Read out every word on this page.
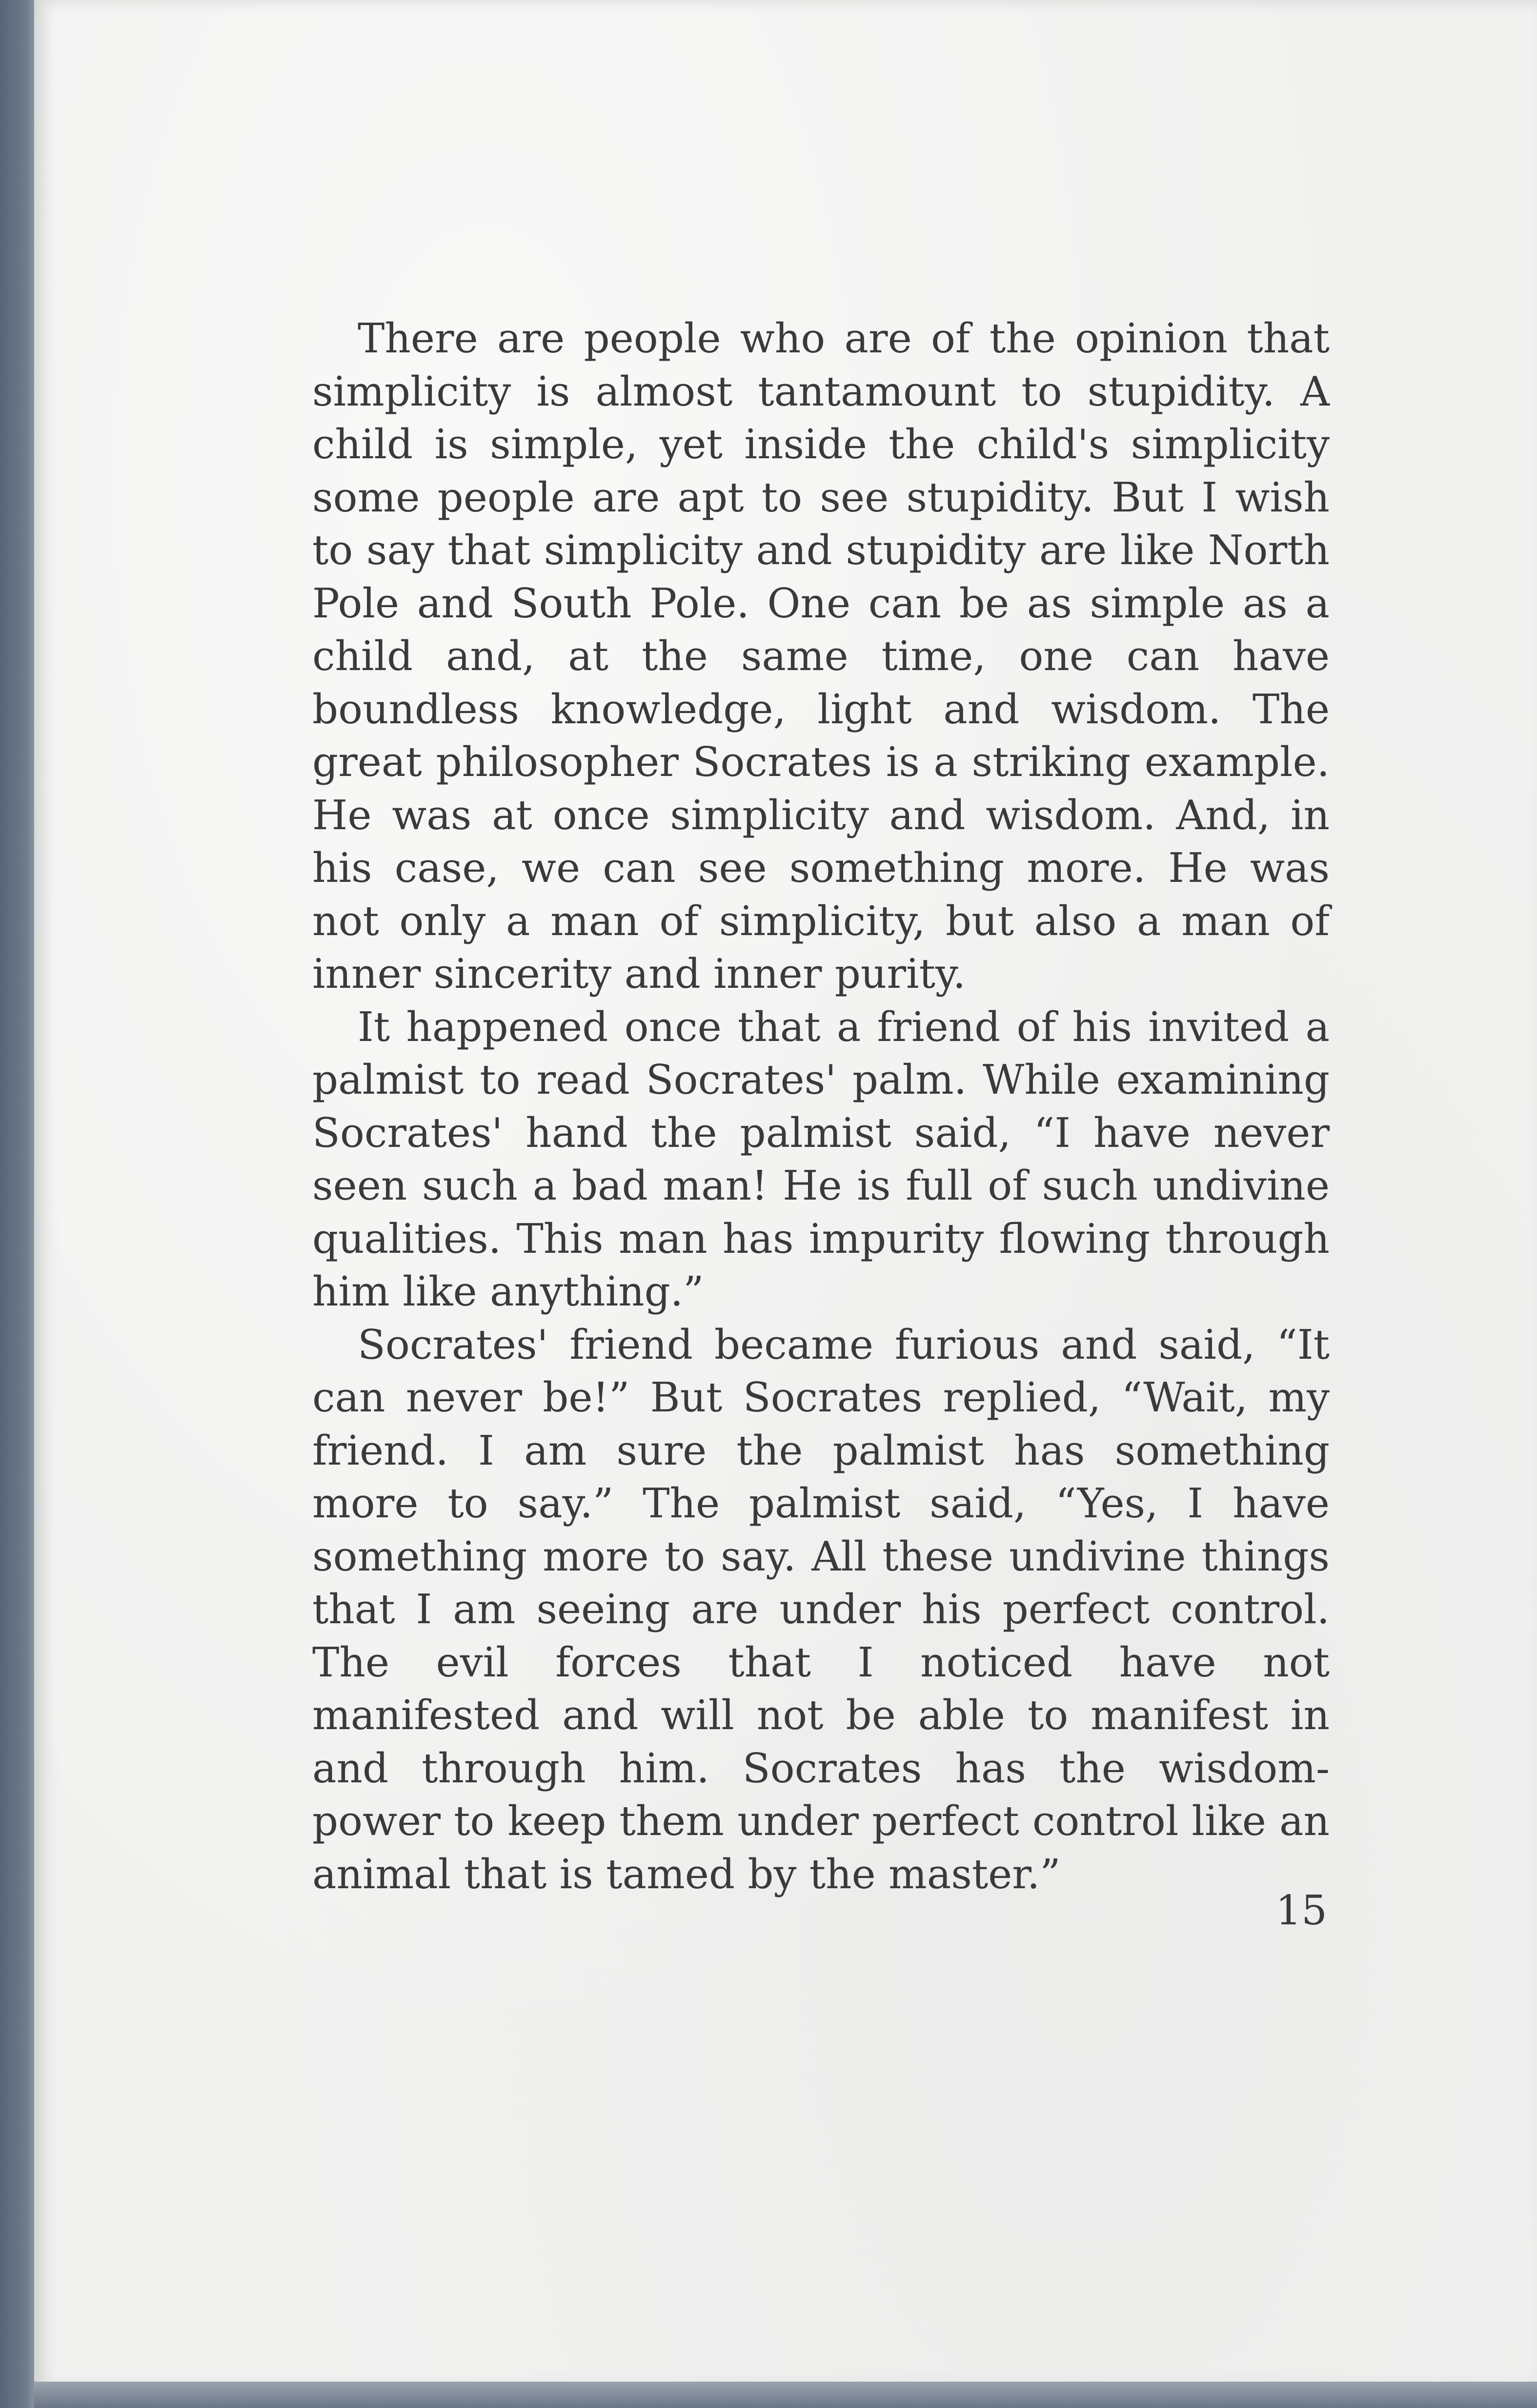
There are people who are of the opinion that simplicity is almost tantamount to stupidity. A child is simple, yet inside the child's simplicity some people are apt to see stupidity. But I wish to say that simplicity and stupidity are like North Pole and South Pole. One can be as simple as a child and, at the same time, one can have boundless knowledge, light and wisdom. The great philosopher Socrates is a striking example. He was at once simplicity and wisdom. And, in his case, we can see something more. He was not only a man of simplicity, but also a man of inner sincerity and inner purity.

It happened once that a friend of his invited a palmist to read Socrates' palm. While examining Socrates' hand the palmist said, “I have never seen such a bad man! He is full of such undivine qualities. This man has impurity flowing through him like anything.”

Socrates' friend became furious and said, “It can never be!” But Socrates replied, “Wait, my friend. I am sure the palmist has something more to say.” The palmist said, “Yes, I have something more to say. All these undivine things that I am seeing are under his perfect control. The evil forces that I noticed have not manifested and will not be able to manifest in and through him. Socrates has the wisdom-power to keep them under perfect control like an animal that is tamed by the master.”

15
